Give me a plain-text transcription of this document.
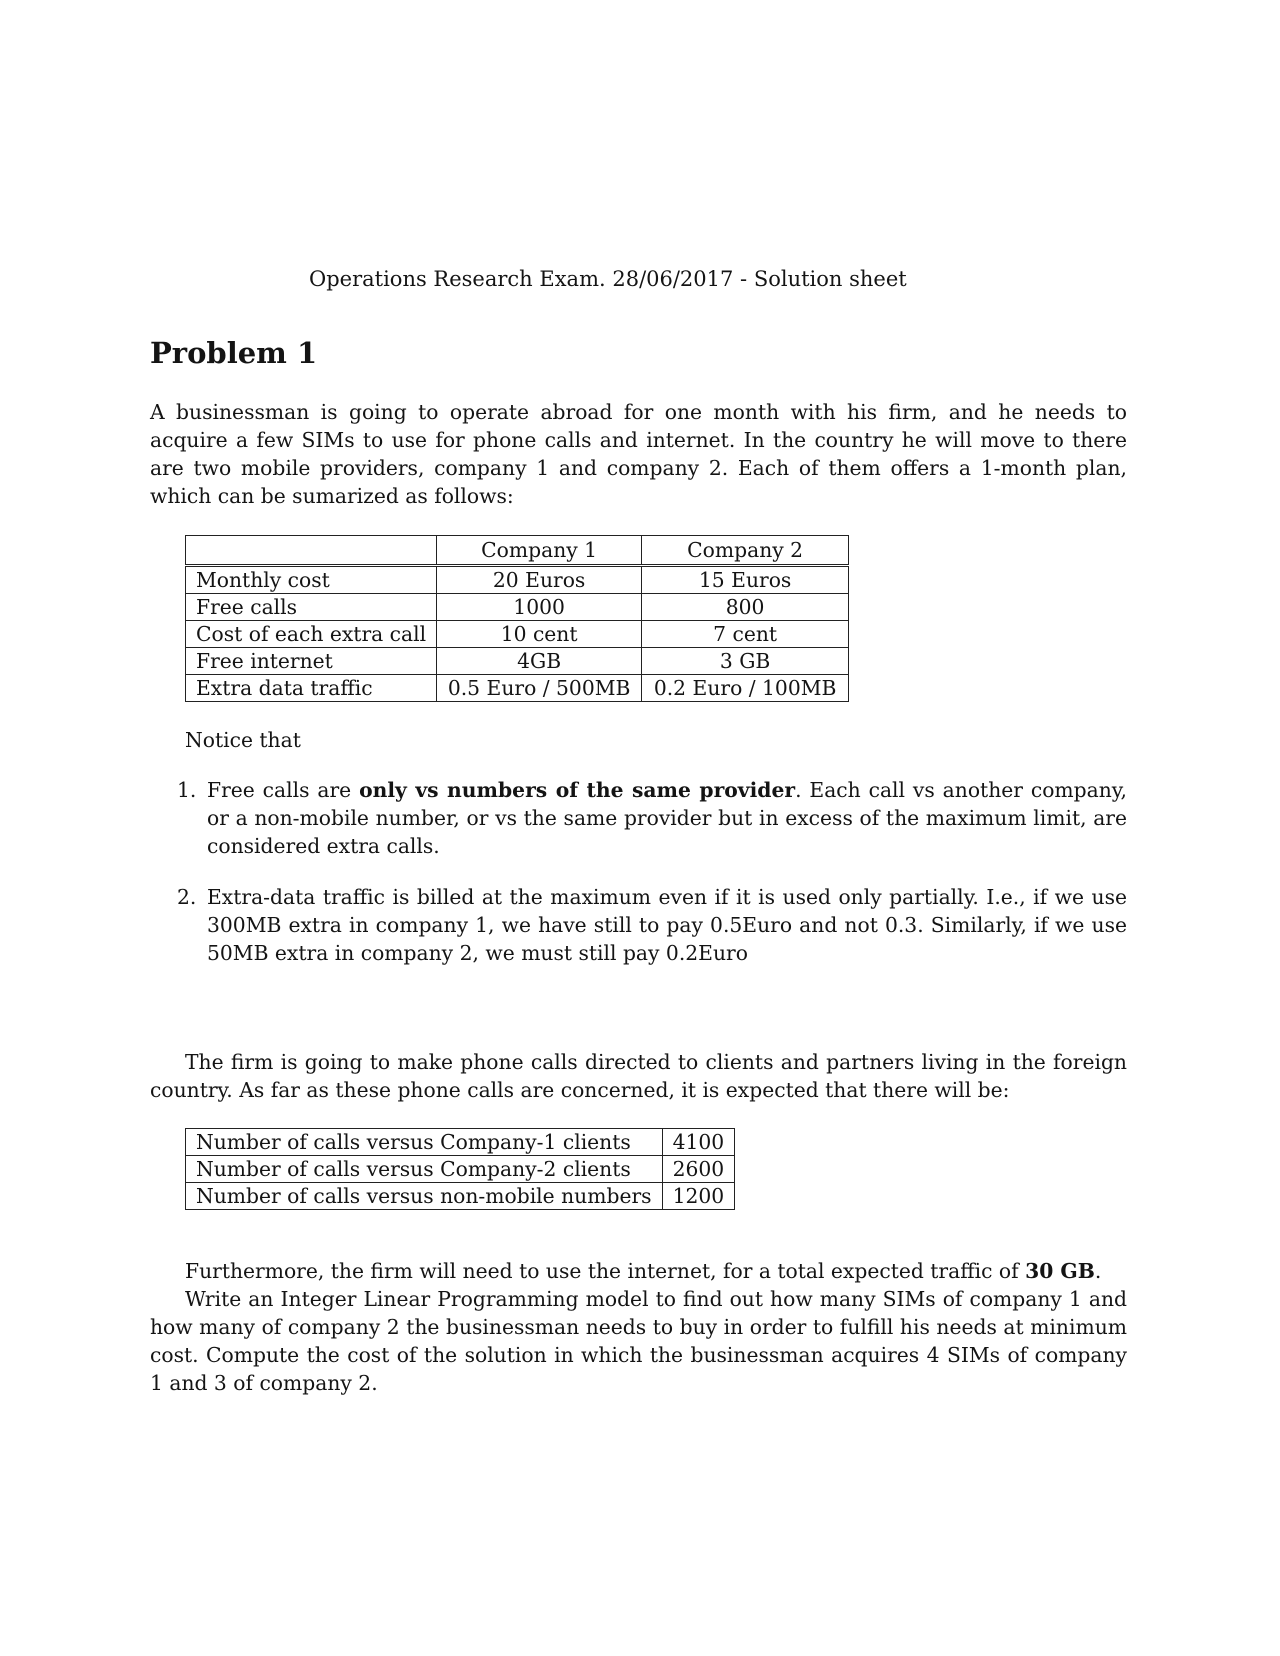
Operations Research Exam. 28/06/2017 - Solution sheet
Problem 1

A businessman is going to operate abroad for one month with his firm, and he needs to acquire a few SIMs to use for phone calls and internet. In the country he will move to there are two mobile providers, company 1 and company 2. Each of them offers a 1-month plan, which can be sumarized as follows:

	Company 1	Company 2
Monthly cost	20 Euros	15 Euros
Free calls	1000	800
Cost of each extra call	10 cent	7 cent
Free internet	4GB	3 GB
Extra data traffic	0.5 Euro / 500MB	0.2 Euro / 100MB
Notice that
1. Free calls are only vs numbers of the same provider. Each call vs another company, or a non-mobile number, or vs the same provider but in excess of the maximum limit, are considered extra calls.
2. Extra-data traffic is billed at the maximum even if it is used only partially. I.e., if we use 300MB extra in company 1, we have still to pay 0.5Euro and not 0.3. Similarly, if we use 50MB extra in company 2, we must still pay 0.2Euro

The firm is going to make phone calls directed to clients and partners living in the foreign country. As far as these phone calls are concerned, it is expected that there will be:

Number of calls versus Company-1 clients	4100
Number of calls versus Company-2 clients	2600
Number of calls versus non-mobile numbers	1200

Furthermore, the firm will need to use the internet, for a total expected traffic of 30 GB.

Write an Integer Linear Programming model to find out how many SIMs of company 1 and how many of company 2 the businessman needs to buy in order to fulfill his needs at minimum cost. Compute the cost of the solution in which the businessman acquires 4 SIMs of company 1 and 3 of company 2.
